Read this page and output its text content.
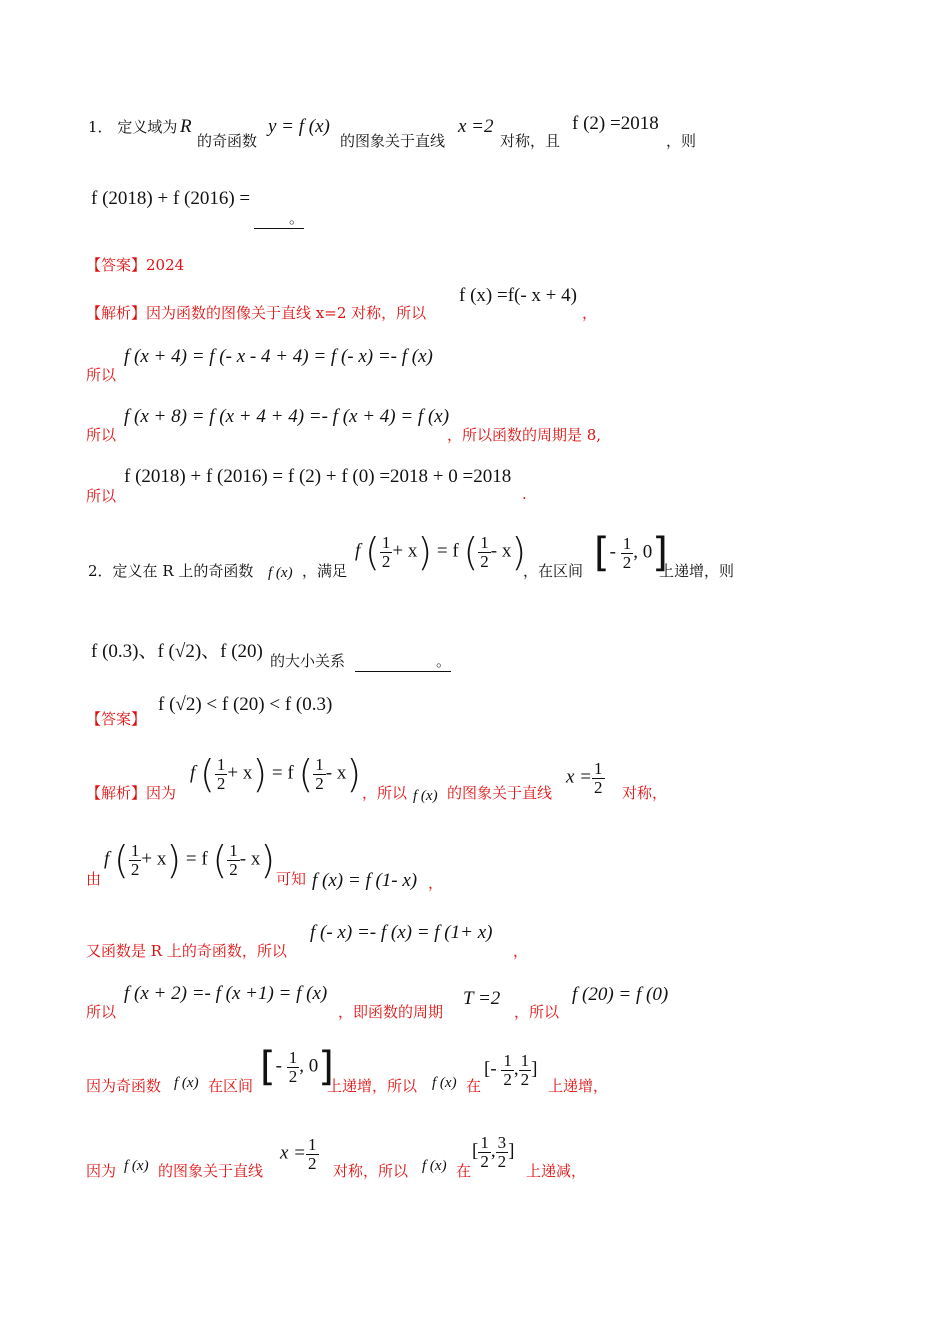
1． 定义域为 R
的奇函数
y = f (x)
的图象关于直线
x =2
对称，且
f (2) =2018
，则
f (2018) + f (2016) =
。
【答案】2024
【解析】因为函数的图像关于直线 x=2 对称，所以
f (x) =f(- x + 4)
，
所以
f (x + 4) = f (- x - 4 + 4) = f (- x) =- f (x)
所以
f (x + 8) = f (x + 4 + 4) =- f (x + 4) = f (x)
，所以函数的周期是 8,
所以
f (2018) + f (2016) = f (2) + f (0) =2018 + 0 =2018
.
2．定义在 R 上的奇函数 f (x) ，满足
f ( $\frac{1}{2} + x) = f$ ( $\frac{1}{2} - x$)
，在区间 [- $\frac{1}{2}$ , 0]
上递增，则
f (0.3)、f (√2)、f (20) 的大小关系	。
【答案】
f (√2) < f (20) < f (0.3)
【解析】因为
f ( $\frac{1}{2} + x) = f$ ( $\frac{1}{2} - x$) ，所以 f (x) 的图象关于直线
$x = \frac{1}{2}$ 对称，
由
f ( $\frac{1}{2} + x) = f$ ( $\frac{1}{2} - x$) 可知 f (x) = f (1- x) ，
又函数是 R 上的奇函数，所以
f (- x) =- f (x) = f (1+ x)
，
所以
f (x + 2) =- f (x +1) = f (x)
，即函数的周期
T =2
，所以
f (20) = f (0)
因为奇函数 f (x) 在区间 [- $\frac{1}{2}$ , 0]
上递增，所以 f (x) 在
[- $\frac{1}{2}$ , $\frac{1}{2}$ ]
上递增，
因为 f (x) 的图象关于直线
$x = \frac{1}{2}$ 对称，所以 f (x) 在
[ $\frac{1}{2}$ , $\frac{3}{2}$ ]
上递减，
